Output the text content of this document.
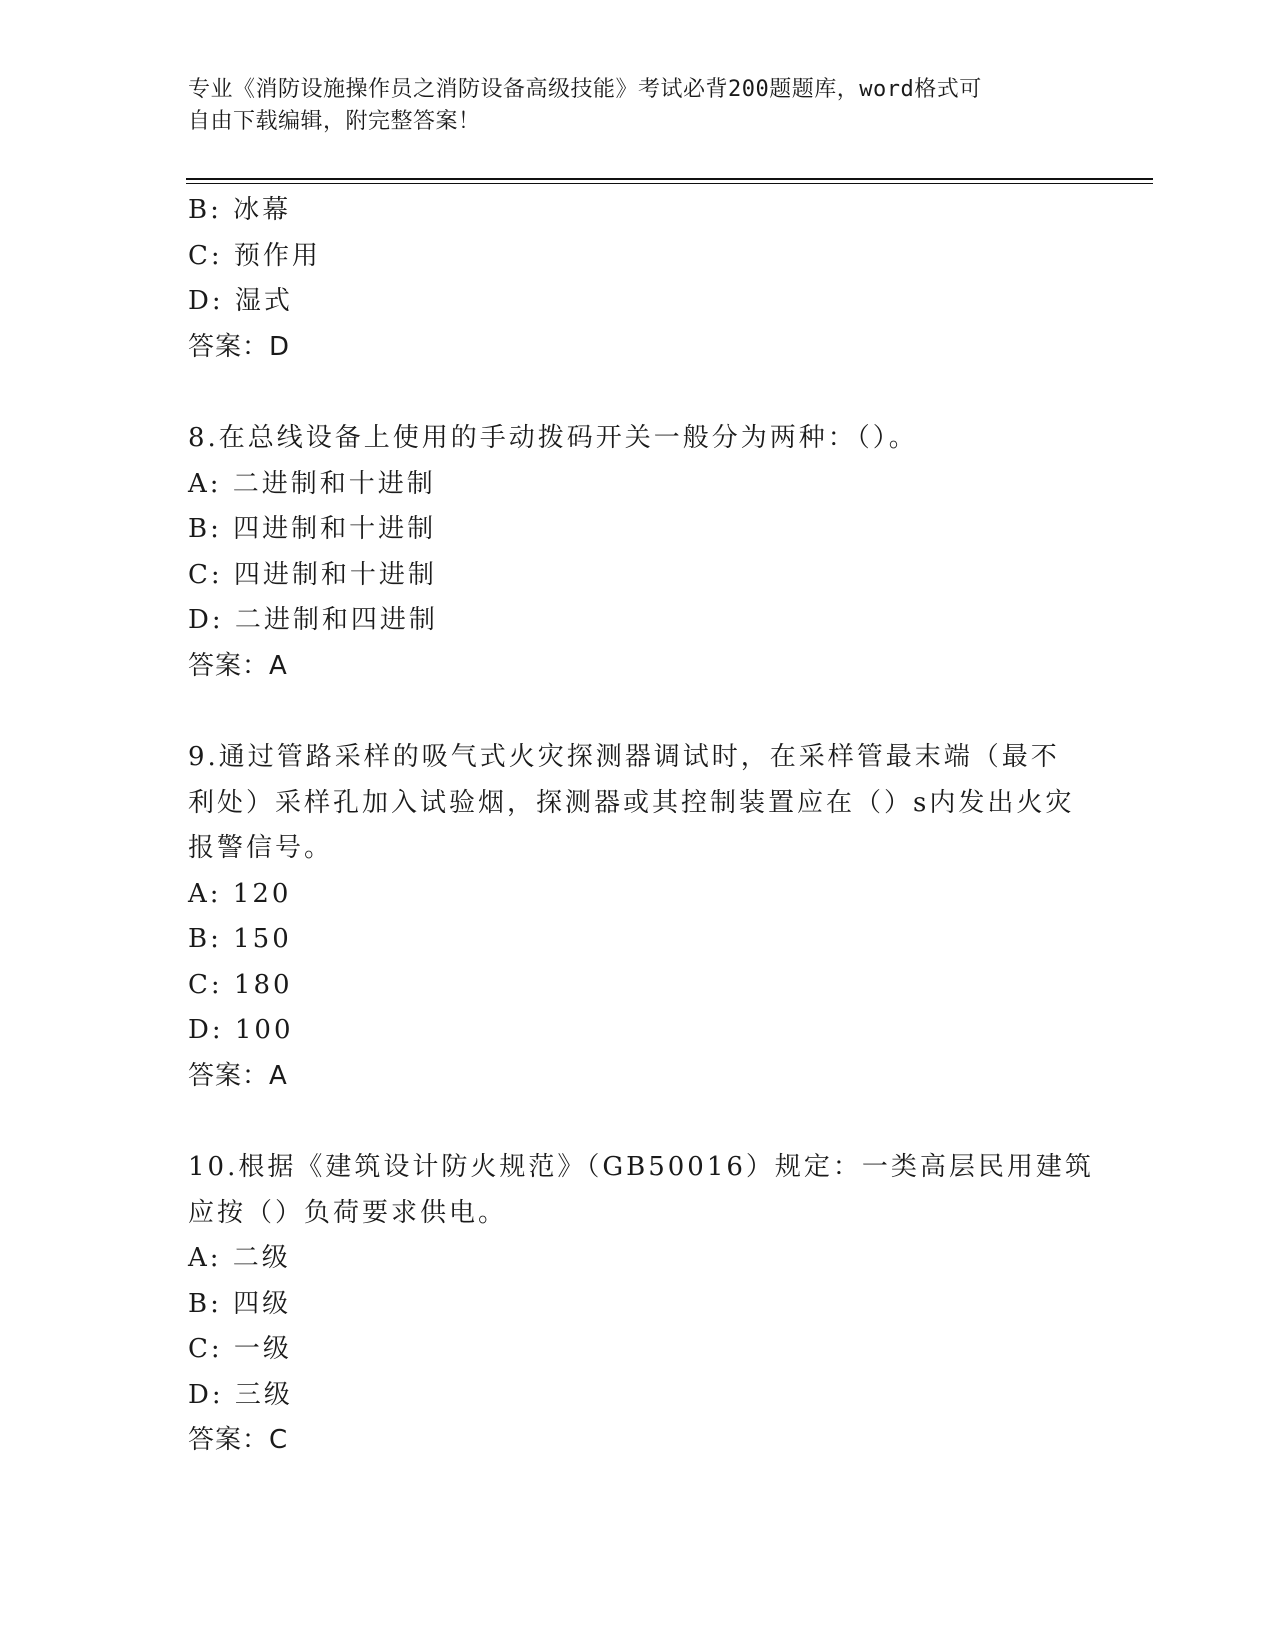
专业《消防设施操作员之消防设备高级技能》考试必背200题题库，word格式可
自由下载编辑，附完整答案！
B: 冰幕
C: 预作用
D: 湿式
答案：D
8.在总线设备上使用的手动拨码开关一般分为两种：（）。
A: 二进制和十进制
B: 四进制和十进制
C: 四进制和十进制
D: 二进制和四进制
答案：A
9.通过管路采样的吸气式火灾探测器调试时，在采样管最末端（最不
利处）采样孔加入试验烟，探测器或其控制装置应在（）s内发出火灾
报警信号。
A: 120
B: 150
C: 180
D: 100
答案：A
10.根据《建筑设计防火规范》（GB50016）规定：一类高层民用建筑
应按（）负荷要求供电。
A: 二级
B: 四级
C: 一级
D: 三级
答案：C
